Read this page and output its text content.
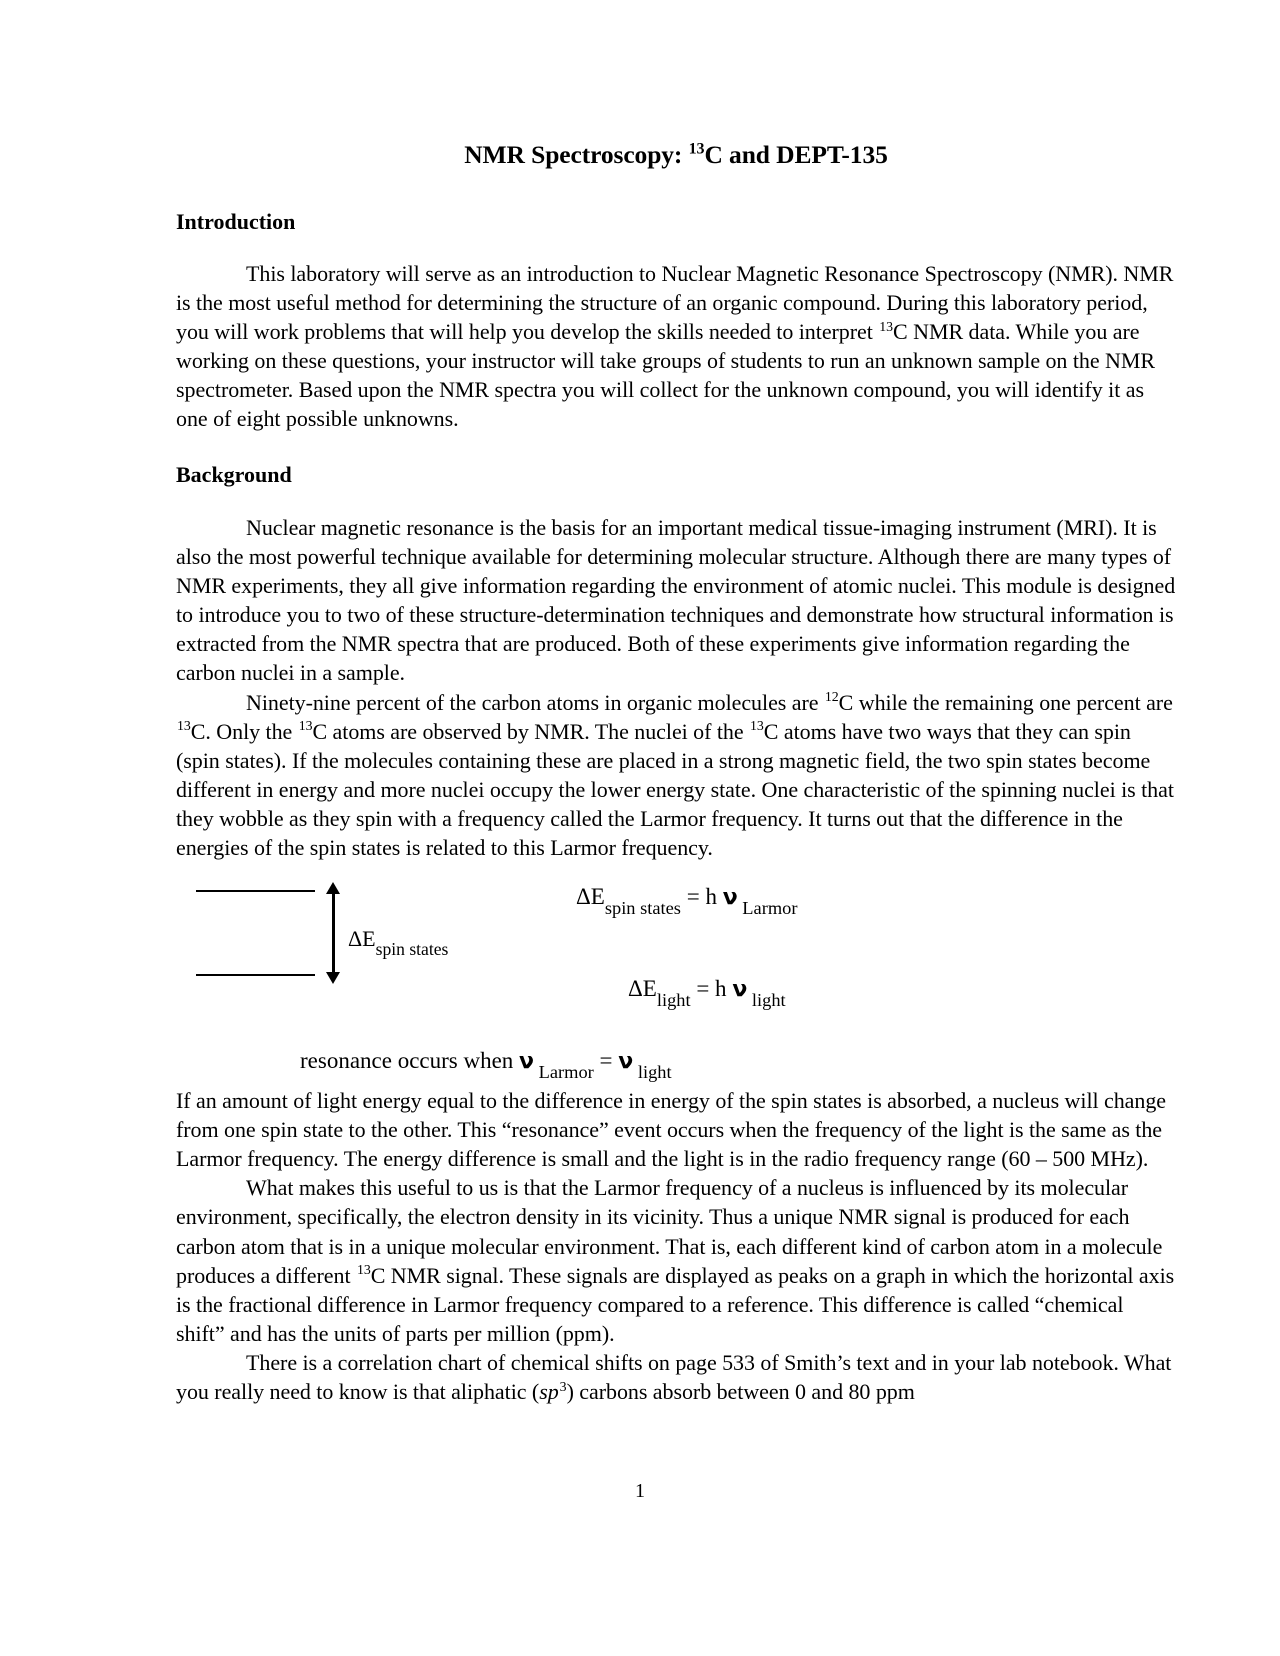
NMR Spectroscopy: $^{13}$C and DEPT-135
Introduction

This laboratory will serve as an introduction to Nuclear Magnetic Resonance Spectroscopy (NMR). NMR is the most useful method for determining the structure of an organic compound. During this laboratory period, you will work problems that will help you develop the skills needed to interpret $^{13}$C NMR data. While you are working on these questions, your instructor will take groups of students to run an unknown sample on the NMR spectrometer. Based upon the NMR spectra you will collect for the unknown compound, you will identify it as one of eight possible unknowns.

Background

Nuclear magnetic resonance is the basis for an important medical tissue-imaging instrument (MRI). It is also the most powerful technique available for determining molecular structure. Although there are many types of NMR experiments, they all give information regarding the environment of atomic nuclei. This module is designed to introduce you to two of these structure-determination techniques and demonstrate how structural information is extracted from the NMR spectra that are produced. Both of these experiments give information regarding the carbon nuclei in a sample.

Ninety-nine percent of the carbon atoms in organic molecules are $^{12}$C while the remaining one percent are $^{13}$C. Only the $^{13}$C atoms are observed by NMR. The nuclei of the $^{13}$C atoms have two ways that they can spin (spin states). If the molecules containing these are placed in a strong magnetic field, the two spin states become different in energy and more nuclei occupy the lower energy state. One characteristic of the spinning nuclei is that they wobble as they spin with a frequency called the Larmor frequency. It turns out that the difference in the energies of the spin states is related to this Larmor frequency.

$\Delta E_{spin states}$
$\Delta E_{spin states} = h$ ν $_{Larmor}$
$\Delta E_{light} = h$ ν $_{light}$
resonance occurs when ν $_{Larmor}$ = ν $_{light}$

If an amount of light energy equal to the difference in energy of the spin states is absorbed, a nucleus will change from one spin state to the other. This “resonance” event occurs when the frequency of the light is the same as the Larmor frequency. The energy difference is small and the light is in the radio frequency range (60 – 500 MHz).

What makes this useful to us is that the Larmor frequency of a nucleus is influenced by its molecular environment, specifically, the electron density in its vicinity. Thus a unique NMR signal is produced for each carbon atom that is in a unique molecular environment. That is, each different kind of carbon atom in a molecule produces a different $^{13}$C NMR signal. These signals are displayed as peaks on a graph in which the horizontal axis is the fractional difference in Larmor frequency compared to a reference. This difference is called “chemical shift” and has the units of parts per million (ppm).

There is a correlation chart of chemical shifts on page 533 of Smith’s text and in your lab notebook. What you really need to know is that aliphatic $(sp^3)$ carbons absorb between 0 and 80 ppm

1
